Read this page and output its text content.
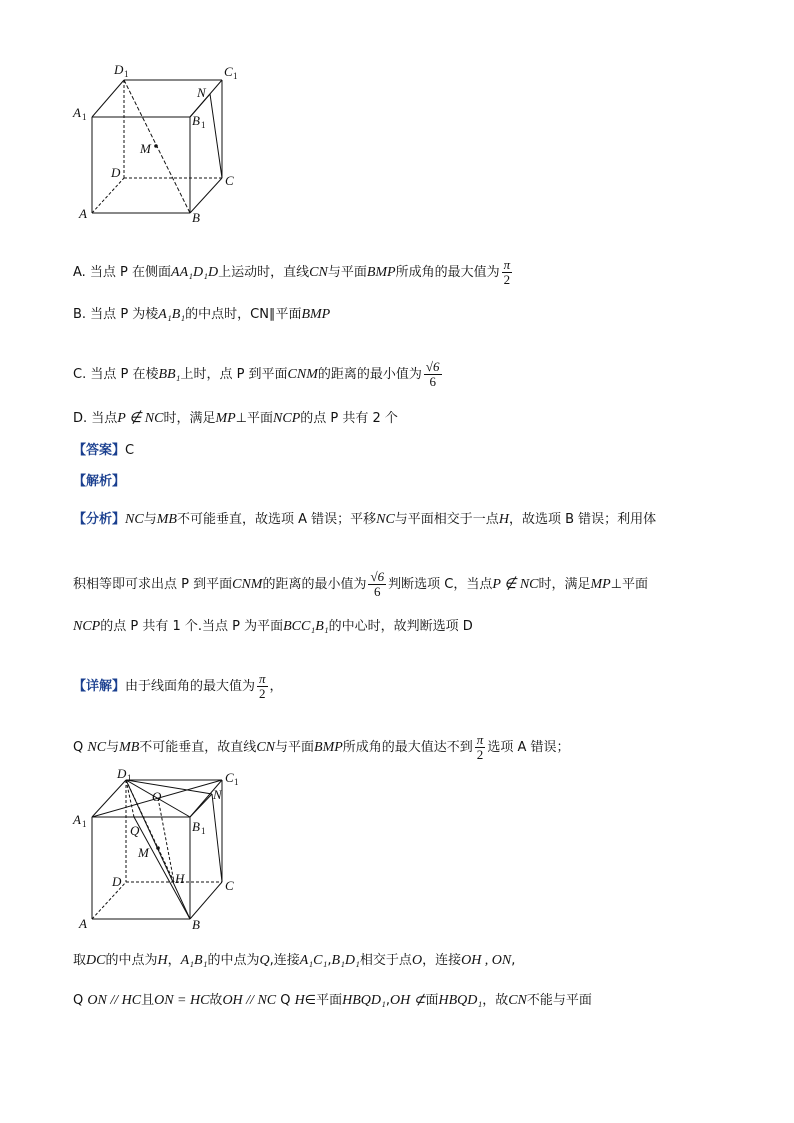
D 1	C 1
A 1	B 1
N
M
D
C
A	B
A. 当点 P 在侧面AA₁D₁D上运动时，直线CN与平面BMP所成角的最大值为 $\frac{\pi}{2}$
B. 当点 P 为棱A₁B₁的中点时，CN∥平面BMP
C. 当点 P 在棱BB₁上时，点 P 到平面CNM的距离的最小值为 $\frac{√6}{6}$
D. 当点P ∉ NC时，满足MP⊥平面NCP的点 P 共有 2 个
【答案】C
【解析】
【分析】NC与MB不可能垂直，故选项 A 错误；平移NC与平面相交于一点H，故选项 B 错误；利用体
积相等即可求出点 P 到平面CNM的距离的最小值为 $\frac{√6}{6}$ 判断选项 C，当点P ∉ NC时，满足MP⊥平面
NCP的点 P 共有 1 个.当点 P 为平面BCC₁B₁的中心时，故判断选项 D
【详解】由于线面角的最大值为 $\frac{\pi}{2}$ ，
Q NC与MB不可能垂直，故直线CN与平面BMP所成角的最大值达不到 $\frac{\pi}{2}$ 选项 A 错误；
D 1	C 1
A 1	B 1
O	N
Q
M
H
D	C
A	B
取DC的中点为H，A₁B₁的中点为Q,连接A₁C₁,B₁D₁相交于点O，连接OH , ON,
Q ON // HC且ON = HC故OH // NC Q H∈平面HBQD₁,OH ⊄面HBQD₁，故CN不能与平面
